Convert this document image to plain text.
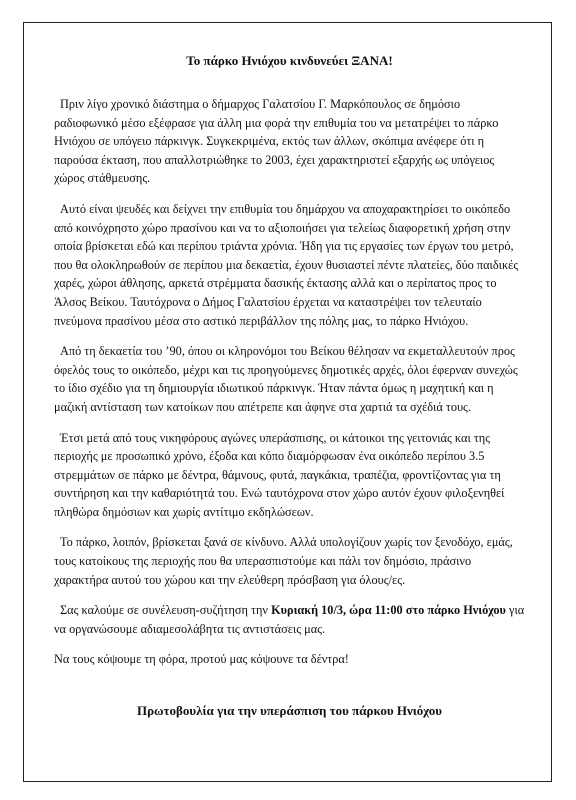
Το πάρκο Ηνιόχου κινδυνεύει ΞΑΝΑ!

Πριν λίγο χρονικό διάστημα ο δήμαρχος Γαλατσίου Γ. Μαρκόπουλος σε δημόσιο ραδιοφωνικό μέσο εξέφρασε για άλλη μια φορά την επιθυμία του να μετατρέψει το πάρκο Ηνιόχου σε υπόγειο πάρκινγκ. Συγκεκριμένα, εκτός των άλλων, σκόπιμα ανέφερε ότι η παρούσα έκταση, που απαλλοτριώθηκε το 2003, έχει χαρακτηριστεί εξαρχής ως υπόγειος χώρος στάθμευσης.

Αυτό είναι ψευδές και δείχνει την επιθυμία του δημάρχου να αποχαρακτηρίσει το οικόπεδο από κοινόχρηστο χώρο πρασίνου και να το αξιοποιήσει για τελείως διαφορετική χρήση στην οποία βρίσκεται εδώ και περίπου τριάντα χρόνια. Ήδη για τις εργασίες των έργων του μετρό, που θα ολοκληρωθούν σε περίπου μια δεκαετία, έχουν θυσιαστεί πέντε πλατείες, δύο παιδικές χαρές, χώροι άθλησης, αρκετά στρέμματα δασικής έκτασης αλλά και ο περίπατος προς το Άλσος Βείκου. Ταυτόχρονα ο Δήμος Γαλατσίου έρχεται να καταστρέψει τον τελευταίο πνεύμονα πρασίνου μέσα στο αστικό περιβάλλον της πόλης μας, το πάρκο Ηνιόχου.

Από τη δεκαετία του ’90, όπου οι κληρονόμοι του Βείκου θέλησαν να εκμεταλλευτούν προς όφελός τους το οικόπεδο, μέχρι και τις προηγούμενες δημοτικές αρχές, όλοι έφερναν συνεχώς το ίδιο σχέδιο για τη δημιουργία ιδιωτικού πάρκινγκ. Ήταν πάντα όμως η μαχητική και η μαζική αντίσταση των κατοίκων που απέτρεπε και άφηνε στα χαρτιά τα σχέδιά τους.

Έτσι μετά από τους νικηφόρους αγώνες υπεράσπισης, οι κάτοικοι της γειτονιάς και της περιοχής με προσωπικό χρόνο, έξοδα και κόπο διαμόρφωσαν ένα οικόπεδο περίπου 3.5 στρεμμάτων σε πάρκο με δέντρα, θάμνους, φυτά, παγκάκια, τραπέζια, φροντίζοντας για τη συντήρηση και την καθαριότητά του. Ενώ ταυτόχρονα στον χώρο αυτόν έχουν φιλοξενηθεί πληθώρα δημόσιων και χωρίς αντίτιμο εκδηλώσεων.

Το πάρκο, λοιπόν, βρίσκεται ξανά σε κίνδυνο. Αλλά υπολογίζουν χωρίς τον ξενοδόχο, εμάς, τους κατοίκους της περιοχής που θα υπερασπιστούμε και πάλι τον δημόσιο, πράσινο χαρακτήρα αυτού του χώρου και την ελεύθερη πρόσβαση για όλους/ες.

Σας καλούμε σε συνέλευση-συζήτηση την Κυριακή 10/3, ώρα 11:00 στο πάρκο Ηνιόχου για να οργανώσουμε αδιαμεσολάβητα τις αντιστάσεις μας.

Να τους κόψουμε τη φόρα, προτού μας κόψουνε τα δέντρα!

Πρωτοβουλία για την υπεράσπιση του πάρκου Ηνιόχου
